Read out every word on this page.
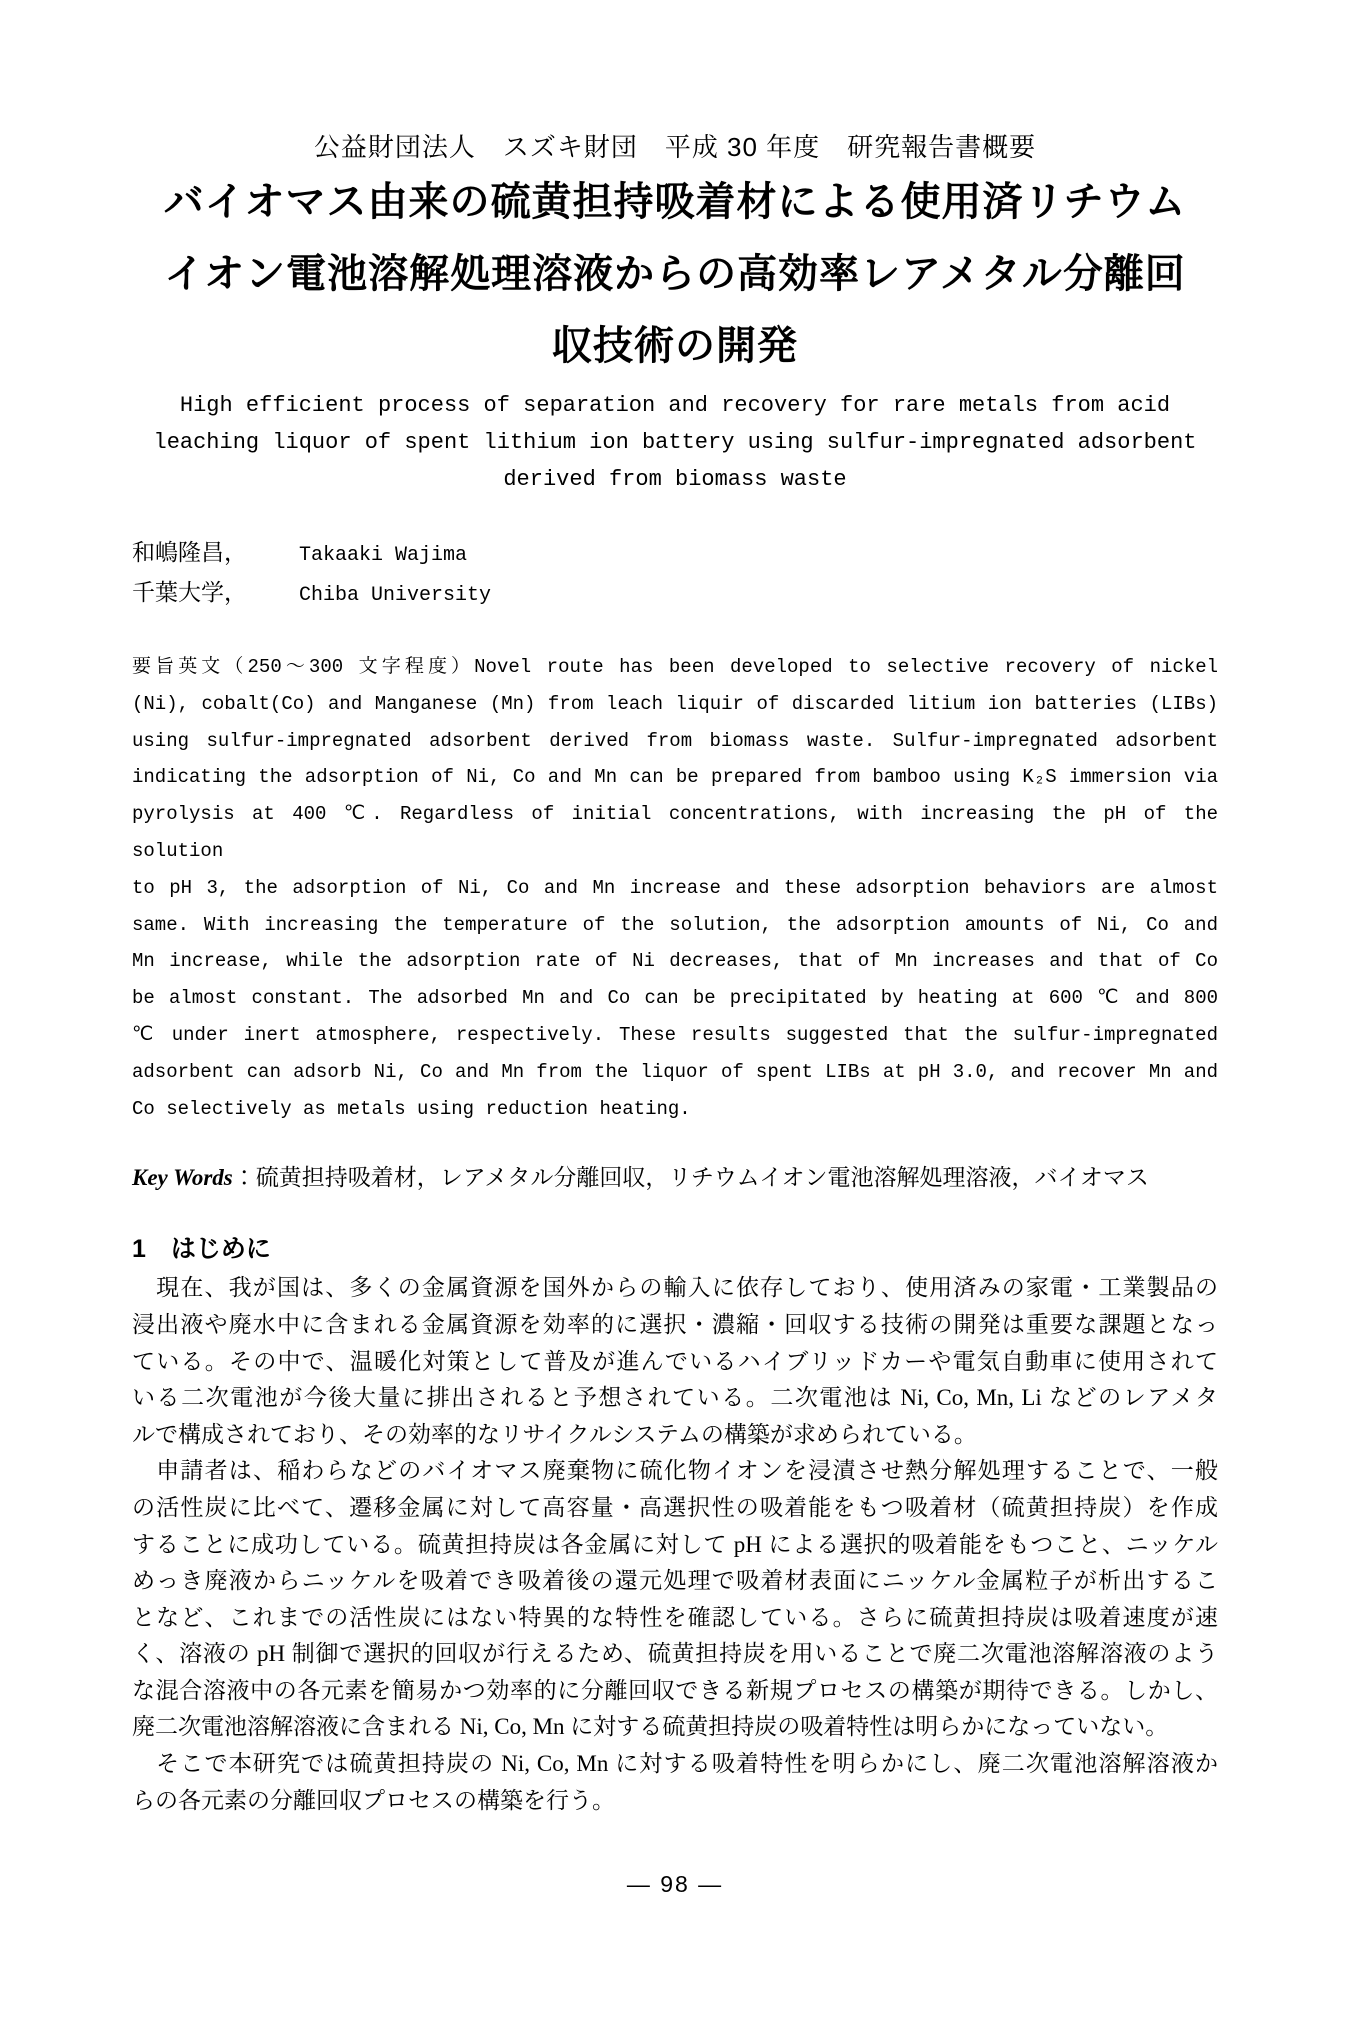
公益財団法人　スズキ財団　平成 30 年度　研究報告書概要
バイオマス由来の硫黄担持吸着材による使用済リチウム
イオン電池溶解処理溶液からの高効率レアメタル分離回
収技術の開発
High efficient process of separation and recovery for rare metals from acid
leaching liquor of spent lithium ion battery using sulfur-impregnated adsorbent
derived from biomass waste
和嶋隆昌，	Takaaki Wajima
千葉大学，	Chiba University
要旨英文（250～300 文字程度）Novel route has been developed to selective recovery of nickel
(Ni), cobalt(Co) and Manganese (Mn) from leach liquir of discarded litium ion batteries (LIBs)
using sulfur-impregnated adsorbent derived from biomass waste. Sulfur-impregnated adsorbent
indicating the adsorption of Ni, Co and Mn can be prepared from bamboo using K₂S immersion via
pyrolysis at 400 ℃. Regardless of initial concentrations, with increasing the pH of the solution
to pH 3, the adsorption of Ni, Co and Mn increase and these adsorption behaviors are almost
same. With increasing the temperature of the solution, the adsorption amounts of Ni, Co and
Mn increase, while the adsorption rate of Ni decreases, that of Mn increases and that of Co
be almost constant. The adsorbed Mn and Co can be precipitated by heating at 600 ℃ and 800
℃ under inert atmosphere, respectively. These results suggested that the sulfur-impregnated
adsorbent can adsorb Ni, Co and Mn from the liquor of spent LIBs at pH 3.0, and recover Mn and
Co selectively as metals using reduction heating.
Key Words：硫黄担持吸着材，レアメタル分離回収，リチウムイオン電池溶解処理溶液，バイオマス
1　はじめに
　現在、我が国は、多くの金属資源を国外からの輸入に依存しており、使用済みの家電・工業製品の
浸出液や廃水中に含まれる金属資源を効率的に選択・濃縮・回収する技術の開発は重要な課題となっ
ている。その中で、温暖化対策として普及が進んでいるハイブリッドカーや電気自動車に使用されて
いる二次電池が今後大量に排出されると予想されている。二次電池は Ni, Co, Mn, Li などのレアメタ
ルで構成されており、その効率的なリサイクルシステムの構築が求められている。
　申請者は、稲わらなどのバイオマス廃棄物に硫化物イオンを浸漬させ熱分解処理することで、一般
の活性炭に比べて、遷移金属に対して高容量・高選択性の吸着能をもつ吸着材（硫黄担持炭）を作成
することに成功している。硫黄担持炭は各金属に対して pH による選択的吸着能をもつこと、ニッケル
めっき廃液からニッケルを吸着でき吸着後の還元処理で吸着材表面にニッケル金属粒子が析出するこ
となど、これまでの活性炭にはない特異的な特性を確認している。さらに硫黄担持炭は吸着速度が速
く、溶液の pH 制御で選択的回収が行えるため、硫黄担持炭を用いることで廃二次電池溶解溶液のよう
な混合溶液中の各元素を簡易かつ効率的に分離回収できる新規プロセスの構築が期待できる。しかし、
廃二次電池溶解溶液に含まれる Ni, Co, Mn に対する硫黄担持炭の吸着特性は明らかになっていない。
　そこで本研究では硫黄担持炭の Ni, Co, Mn に対する吸着特性を明らかにし、廃二次電池溶解溶液か
らの各元素の分離回収プロセスの構築を行う。
― 98 ―
